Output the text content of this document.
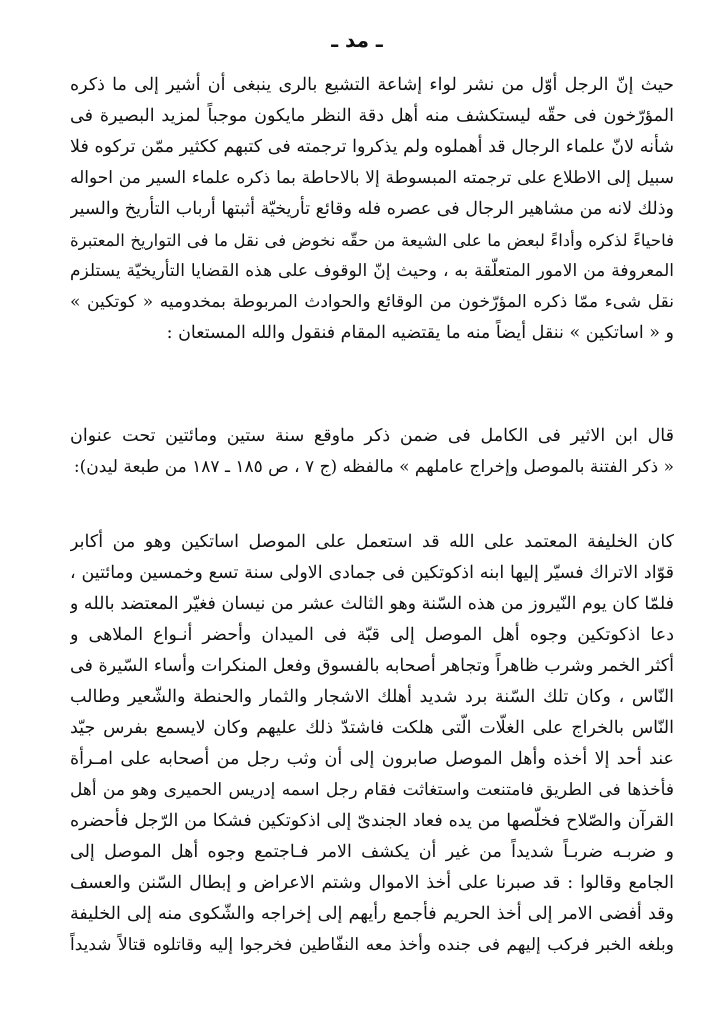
ـ مد ـ
حيث إنّ الرجل أوّل من نشر لواء إشاعة التشيع بالرى ينبغى أن أشير إلى ما ذكره
المؤرّخون فى حقّه ليستكشف منه أهل دقة النظر مايكون موجباً لمزيد البصيرة فى
شأنه لانّ علماء الرجال قد أهملوه ولم يذكروا ترجمته فى كتبهم ككثير ممّن تركوه فلا
سبيل إلى الاطلاع على ترجمته المبسوطة إلا بالاحاطة بما ذكره علماء السير من احواله
وذلك لانه من مشاهير الرجال فى عصره فله وقائع تأريخيّة أثبتها أرباب التأريخ والسير
فاحياءً لذكره وأداءً لبعض ما على الشيعة من حقّه نخوض فى نقل ما فى التواريخ المعتبرة
المعروفة من الامور المتعلّقة به ، وحيث إنّ الوقوف على هذه القضايا التأريخيّة يستلزم
نقل شىء ممّا ذكره المؤرّخون من الوقائع والحوادث المربوطة بمخدوميه « كوتكين »
و « اساتكين » ننقل أيضاً منه ما يقتضيه المقام فنقول والله المستعان :
قال ابن الاثير فى الكامل فى ضمن ذكر ماوقع سنة ستين ومائتين تحت عنوان
« ذكر الفتنة بالموصل وإخراج عاملهم » مالفظه (ج ٧ ، ص ١٨٥ ـ ١٨٧ من طبعة ليدن):
كان الخليفة المعتمد على الله قد استعمل على الموصل اساتكين وهو من أكابر
قوّاد الاتراك فسيّر إليها ابنه اذكوتكين فى جمادى الاولى سنة تسع وخمسين ومائتين ،
فلمّا كان يوم النّيروز من هذه السّنة وهو الثالث عشر من نيسان فغيّر المعتضد بالله و
دعا اذكوتكين وجوه أهل الموصل إلى قبّة فى الميدان وأحضر أنـواع الملاهى و
أكثر الخمر وشرب ظاهراً وتجاهر أصحابه بالفسوق وفعل المنكرات وأساء السّيرة فى
النّاس ، وكان تلك السّنة برد شديد أهلك الاشجار والثمار والحنطة والشّعير وطالب
النّاس بالخراج على الغلّات الّتى هلكت فاشتدّ ذلك عليهم وكان لايسمع بفرس جيّد
عند أحد إلا أخذه وأهل الموصل صابرون إلى أن وثب رجل من أصحابه على امـرأة
فأخذها فى الطريق فامتنعت واستغاثت فقام رجل اسمه إدريس الحميرى وهو من أهل
القرآن والصّلاح فخلّصها من يده فعاد الجندىّ إلى اذكوتكين فشكا من الرّجل فأحضره
و ضربـه ضربـاً شديداً من غير أن يكشف الامر فـاجتمع وجوه أهل الموصل إلى
الجامع وقالوا : قد صبرنا على أخذ الاموال وشتم الاعراض و إبطال السّنن والعسف
وقد أفضى الامر إلى أخذ الحريم فأجمع رأيهم إلى إخراجه والشّكوى منه إلى الخليفة
وبلغه الخبر فركب إليهم فى جنده وأخذ معه النفّاطين فخرجوا إليه وقاتلوه قتالاً شديداً
